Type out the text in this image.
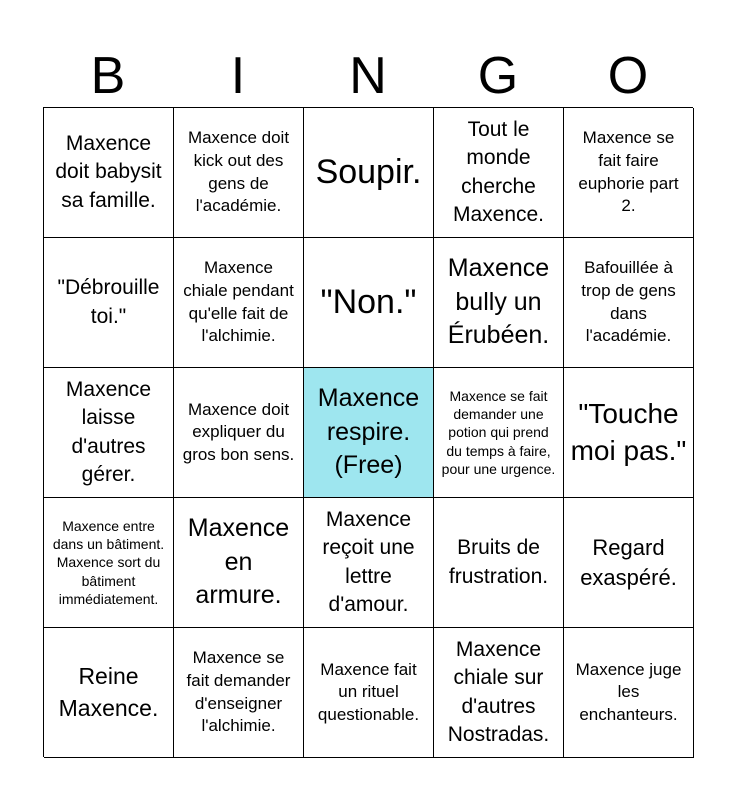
B	I	N	G	O
Maxence doit babysit sa famille.
Maxence doit kick out des gens de l'académie.
Soupir.
Tout le monde cherche Maxence.
Maxence se fait faire euphorie part 2.
"Débrouille toi."
Maxence chiale pendant qu'elle fait de l'alchimie.
"Non."
Maxence bully un Érubéen.
Bafouillée à trop de gens dans l'académie.
Maxence laisse d'autres gérer.
Maxence doit expliquer du gros bon sens.
Maxence respire. (Free)
Maxence se fait demander une potion qui prend du temps à faire, pour une urgence.
"Touche moi pas."
Maxence entre dans un bâtiment. Maxence sort du bâtiment immédiatement.
Maxence en armure.
Maxence reçoit une lettre d'amour.
Bruits de frustration.
Regard exaspéré.
Reine Maxence.
Maxence se fait demander d'enseigner l'alchimie.
Maxence fait un rituel questionable.
Maxence chiale sur d'autres Nostradas.
Maxence juge les enchanteurs.
